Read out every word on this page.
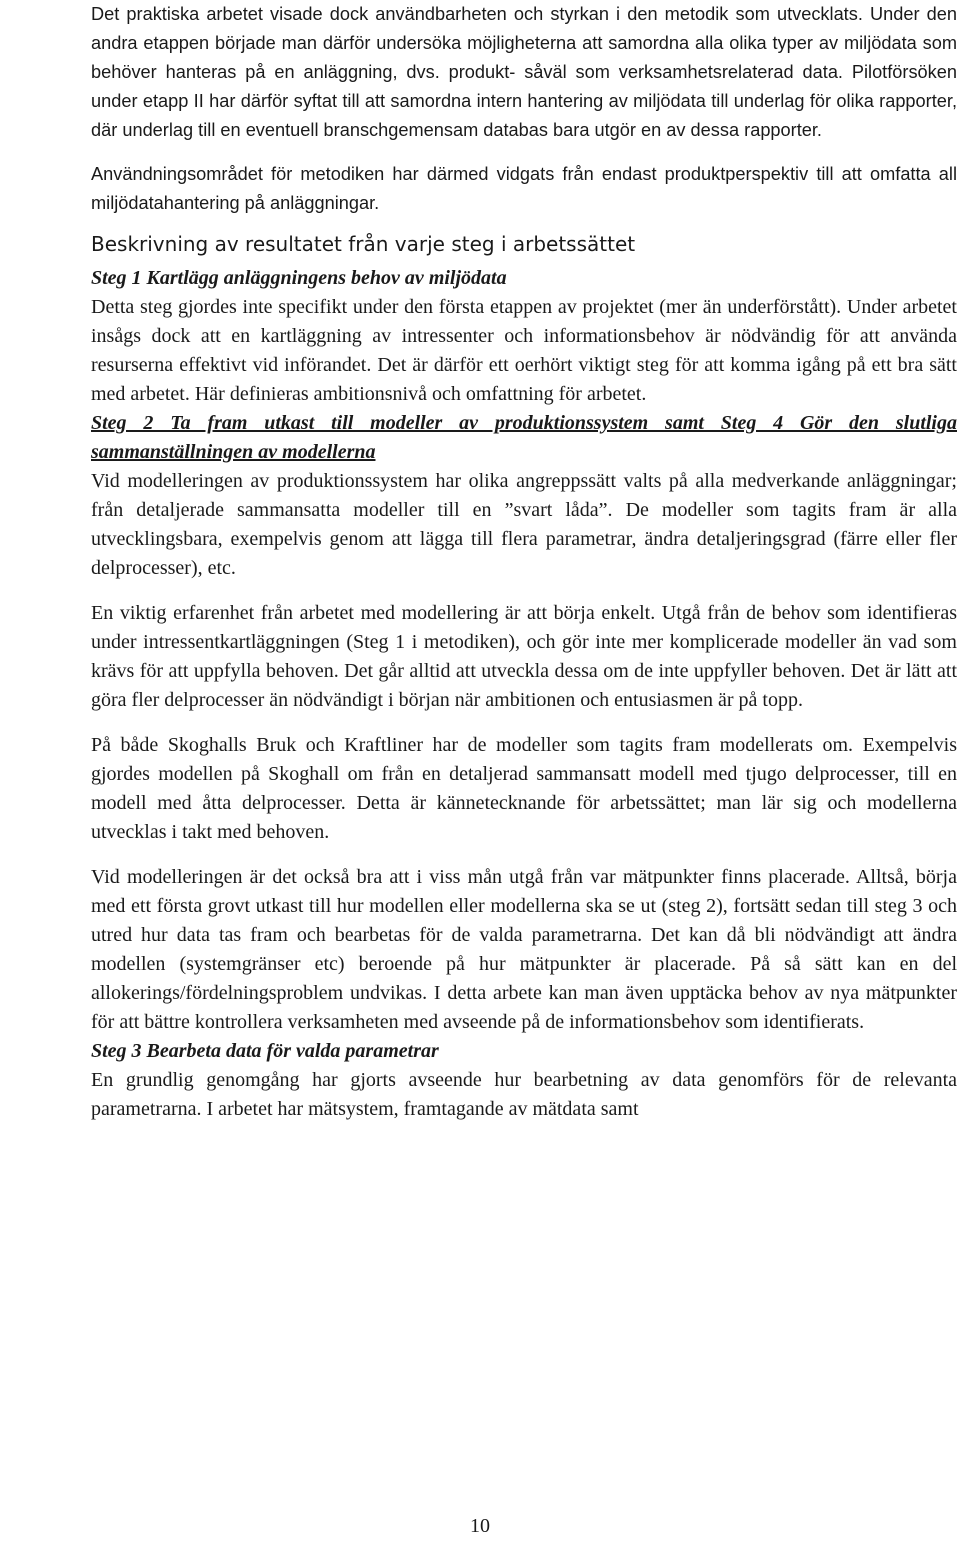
Det praktiska arbetet visade dock användbarheten och styrkan i den metodik som utvecklats. Under den andra etappen började man därför undersöka möjligheterna att samordna alla olika typer av miljödata som behöver hanteras på en anläggning, dvs. produkt- såväl som verksamhetsrelaterad data. Pilotförsöken under etapp II har därför syftat till att samordna intern hantering av miljödata till underlag för olika rapporter, där underlag till en eventuell branschgemensam databas bara utgör en av dessa rapporter.

Användningsområdet för metodiken har därmed vidgats från endast produktperspektiv till att omfatta all miljödatahantering på anläggningar.

Beskrivning av resultatet från varje steg i arbetssättet

Steg 1 Kartlägg anläggningens behov av miljödata

Detta steg gjordes inte specifikt under den första etappen av projektet (mer än underförstått). Under arbetet insågs dock att en kartläggning av intressenter och informationsbehov är nödvändig för att använda resurserna effektivt vid införandet. Det är därför ett oerhört viktigt steg för att komma igång på ett bra sätt med arbetet. Här definieras ambitionsnivå och omfattning för arbetet.

Steg 2 Ta fram utkast till modeller av produktionssystem samt Steg 4 Gör den slutliga sammanställningen av modellerna

Vid modelleringen av produktionssystem har olika angreppssätt valts på alla medverkande anläggningar; från detaljerade sammansatta modeller till en ”svart låda”. De modeller som tagits fram är alla utvecklingsbara, exempelvis genom att lägga till flera parametrar, ändra detaljeringsgrad (färre eller fler delprocesser), etc.

En viktig erfarenhet från arbetet med modellering är att börja enkelt. Utgå från de behov som identifieras under intressentkartläggningen (Steg 1 i metodiken), och gör inte mer komplicerade modeller än vad som krävs för att uppfylla behoven. Det går alltid att utveckla dessa om de inte uppfyller behoven. Det är lätt att göra fler delprocesser än nödvändigt i början när ambitionen och entusiasmen är på topp.

På både Skoghalls Bruk och Kraftliner har de modeller som tagits fram modellerats om. Exempelvis gjordes modellen på Skoghall om från en detaljerad sammansatt modell med tjugo delprocesser, till en modell med åtta delprocesser. Detta är kännetecknande för arbetssättet; man lär sig och modellerna utvecklas i takt med behoven.

Vid modelleringen är det också bra att i viss mån utgå från var mätpunkter finns placerade. Alltså, börja med ett första grovt utkast till hur modellen eller modellerna ska se ut (steg 2), fortsätt sedan till steg 3 och utred hur data tas fram och bearbetas för de valda parametrarna. Det kan då bli nödvändigt att ändra modellen (systemgränser etc) beroende på hur mätpunkter är placerade. På så sätt kan en del allokerings/fördelningsproblem undvikas. I detta arbete kan man även upptäcka behov av nya mätpunkter för att bättre kontrollera verksamheten med avseende på de informationsbehov som identifierats.

Steg 3 Bearbeta data för valda parametrar

En grundlig genomgång har gjorts avseende hur bearbetning av data genomförs för de relevanta parametrarna. I arbetet har mätsystem, framtagande av mätdata samt

10
